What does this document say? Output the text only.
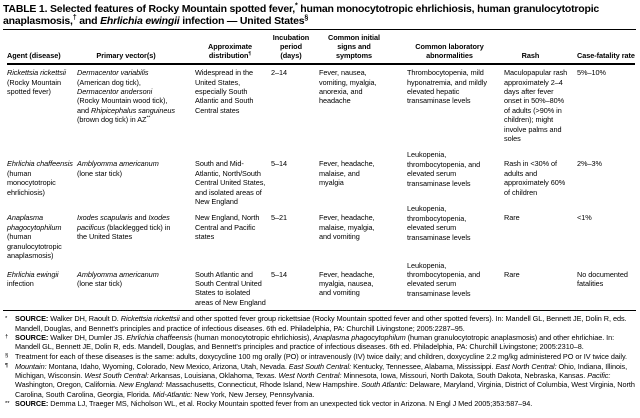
TABLE 1. Selected features of Rocky Mountain spotted fever,* human monocytotropic ehrlichiosis, human granulocytotropic anaplasmosis,† and Ehrlichia ewingii infection — United States§
Agent (disease)	Primary vector(s)	Approximate distribution¶	Incubation period (days)	Common initial signs and symptoms	Common laboratory abnormalities	Rash	Case-fatality rate
Rickettsia rickettsii (Rocky Mountain spotted fever)	Dermacentor variabilis (American dog tick), Dermacentor andersoni (Rocky Mountain wood tick), and Rhipicephalus sanguineus (brown dog tick) in AZ**	Widespread in the United States, especially South Atlantic and South Central states	2–14	Fever, nausea, vomiting, myalgia, anorexia, and headache	Thrombocytopenia, mild hyponatremia, and mildly elevated hepatic transaminase levels	Maculopapular rash approximately 2–4 days after fever onset in 50%–80% of adults (>90% in children); might involve palms and soles	5%–10%
Ehrlichia chaffeensis (human monocytotropic ehrlichiosis)	Amblyomma americanum (lone star tick)	South and Mid-Atlantic, North/South Central United States, and isolated areas of New England	5–14	Fever, headache, malaise, and myalgia	Leukopenia, thrombocytopenia, and elevated serum transaminase levels	Rash in <30% of adults and approximately 60% of children	2%–3%
Anaplasma phagocytophilum (human granulocytotropic anaplasmosis)	Ixodes scapularis and Ixodes pacificus (blacklegged tick) in the United States	New England, North Central and Pacific states	5–21	Fever, headache, malaise, myalgia, and vomiting	Leukopenia, thrombocytopenia, elevated serum transaminase levels	Rare	<1%
Ehrlichia ewingii infection	Amblyomma americanum (lone star tick)	South Atlantic and South Central United States to isolated areas of New England	5–14	Fever, headache, myalgia, nausea, and vomiting	Leukopenia, thrombocytopenia, and elevated serum transaminase levels	Rare	No documented fatalities
*	SOURCE: Walker DH, Raoult D. Rickettsia rickettsii and other spotted fever group rickettsiae (Rocky Mountain spotted fever and other spotted fevers). In: Mandell GL, Bennett JE, Dolin R, eds. Mandell, Douglas, and Bennett's principles and practice of infectious diseases. 6th ed. Philadelphia, PA: Churchill Livingstone; 2005:2287–95.
† SOURCE: Walker DH, Dumler JS. Ehrlichia chaffeensis (human monocytotropic ehrlichiosis), Anaplasma phagocytophilum (human granulocytotropic anaplasmosis) and other ehrlichiae. In: Mandell GL, Bennett JE, Dolin R, eds. Mandell, Douglas, and Bennett's principles and practice of infectious diseases. 6th ed. Philadelphia, PA: Churchill Livingstone; 2005:2310–8.
§ Treatment for each of these diseases is the same: adults, doxycycline 100 mg orally (PO) or intravenously (IV) twice daily; and children, doxycycline 2.2 mg/kg administered PO or IV twice daily.
¶ Mountain: Montana, Idaho, Wyoming, Colorado, New Mexico, Arizona, Utah, Nevada. East South Central: Kentucky, Tennessee, Alabama, Mississippi. East North Central: Ohio, Indiana, Illinois, Michigan, Wisconsin. West South Central: Arkansas, Louisiana, Oklahoma, Texas. West North Central: Minnesota, Iowa, Missouri, North Dakota, South Dakota, Nebraska, Kansas. Pacific: Washington, Oregon, California. New England: Massachusetts, Connecticut, Rhode Island, New Hampshire. South Atlantic: Delaware, Maryland, Virginia, District of Columbia, West Virginia, North Carolina, South Carolina, Georgia, Florida. Mid-Atlantic: New York, New Jersey, Pennsylvania.
** SOURCE: Demma LJ, Traeger MS, Nicholson WL, et al. Rocky Mountain spotted fever from an unexpected tick vector in Arizona. N Engl J Med 2005;353:587–94.
